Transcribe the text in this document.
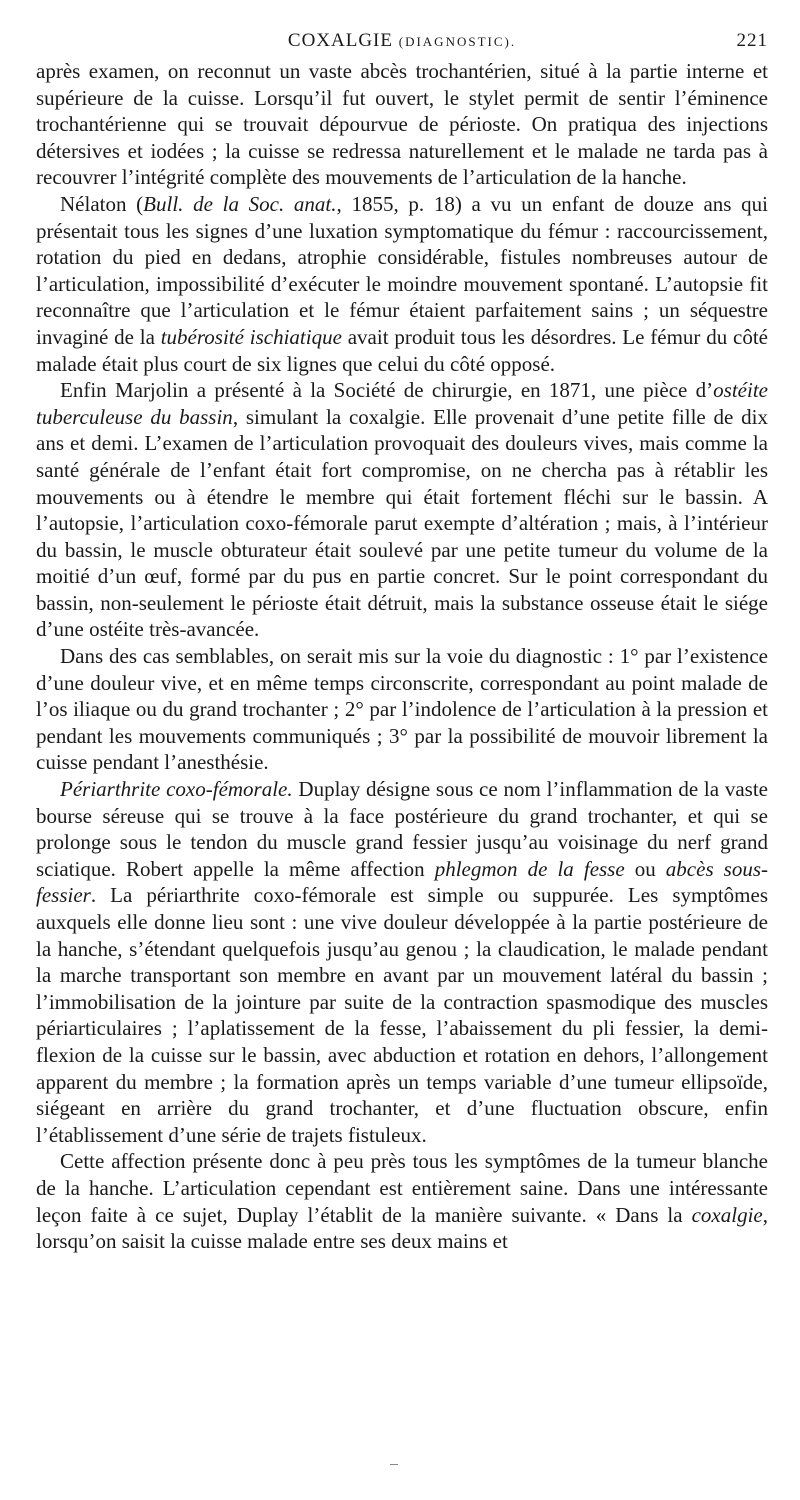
COXALGIE (DIAGNOSTIC).	221

après examen, on reconnut un vaste abcès trochantérien, situé à la partie interne et supérieure de la cuisse. Lorsqu’il fut ouvert, le stylet permit de sentir l’éminence trochantérienne qui se trouvait dépourvue de périoste. On pratiqua des injections détersives et iodées ; la cuisse se redressa naturellement et le malade ne tarda pas à recouvrer l’intégrité complète des mouvements de l’articulation de la hanche.

Nélaton (Bull. de la Soc. anat., 1855, p. 18) a vu un enfant de douze ans qui présentait tous les signes d’une luxation symptomatique du fémur : raccourcissement, rotation du pied en dedans, atrophie considérable, fistules nombreuses autour de l’articulation, impossibilité d’exécuter le moindre mouvement spontané. L’autopsie fit reconnaître que l’articulation et le fémur étaient parfaitement sains ; un séquestre invaginé de la tubérosité ischiatique avait produit tous les désordres. Le fémur du côté malade était plus court de six lignes que celui du côté opposé.

Enfin Marjolin a présenté à la Société de chirurgie, en 1871, une pièce d’ostéite tuberculeuse du bassin, simulant la coxalgie. Elle provenait d’une petite fille de dix ans et demi. L’examen de l’articulation provoquait des douleurs vives, mais comme la santé générale de l’enfant était fort compromise, on ne chercha pas à rétablir les mouvements ou à étendre le membre qui était fortement fléchi sur le bassin. A l’autopsie, l’articulation coxo-fémorale parut exempte d’altération ; mais, à l’intérieur du bassin, le muscle obturateur était soulevé par une petite tumeur du volume de la moitié d’un œuf, formé par du pus en partie concret. Sur le point correspondant du bassin, non-seulement le périoste était détruit, mais la substance osseuse était le siége d’une ostéite très-avancée.

Dans des cas semblables, on serait mis sur la voie du diagnostic : 1° par l’existence d’une douleur vive, et en même temps circonscrite, correspondant au point malade de l’os iliaque ou du grand trochanter ; 2° par l’indolence de l’articulation à la pression et pendant les mouvements communiqués ; 3° par la possibilité de mouvoir librement la cuisse pendant l’anesthésie.

Périarthrite coxo-fémorale. Duplay désigne sous ce nom l’inflammation de la vaste bourse séreuse qui se trouve à la face postérieure du grand trochanter, et qui se prolonge sous le tendon du muscle grand fessier jusqu’au voisinage du nerf grand sciatique. Robert appelle la même affection phlegmon de la fesse ou abcès sous-fessier. La périarthrite coxo-fémorale est simple ou suppurée. Les symptômes auxquels elle donne lieu sont : une vive douleur développée à la partie postérieure de la hanche, s’étendant quelquefois jusqu’au genou ; la claudication, le malade pendant la marche transportant son membre en avant par un mouvement latéral du bassin ; l’immobilisation de la jointure par suite de la contraction spasmodique des muscles périarticulaires ; l’aplatissement de la fesse, l’abaissement du pli fessier, la demi-flexion de la cuisse sur le bassin, avec abduction et rotation en dehors, l’allongement apparent du membre ; la formation après un temps variable d’une tumeur ellipsoïde, siégeant en arrière du grand trochanter, et d’une fluctuation obscure, enfin l’établissement d’une série de trajets fistuleux.

Cette affection présente donc à peu près tous les symptômes de la tumeur blanche de la hanche. L’articulation cependant est entièrement saine. Dans une intéressante leçon faite à ce sujet, Duplay l’établit de la manière suivante. « Dans la coxalgie, lorsqu’on saisit la cuisse malade entre ses deux mains et
